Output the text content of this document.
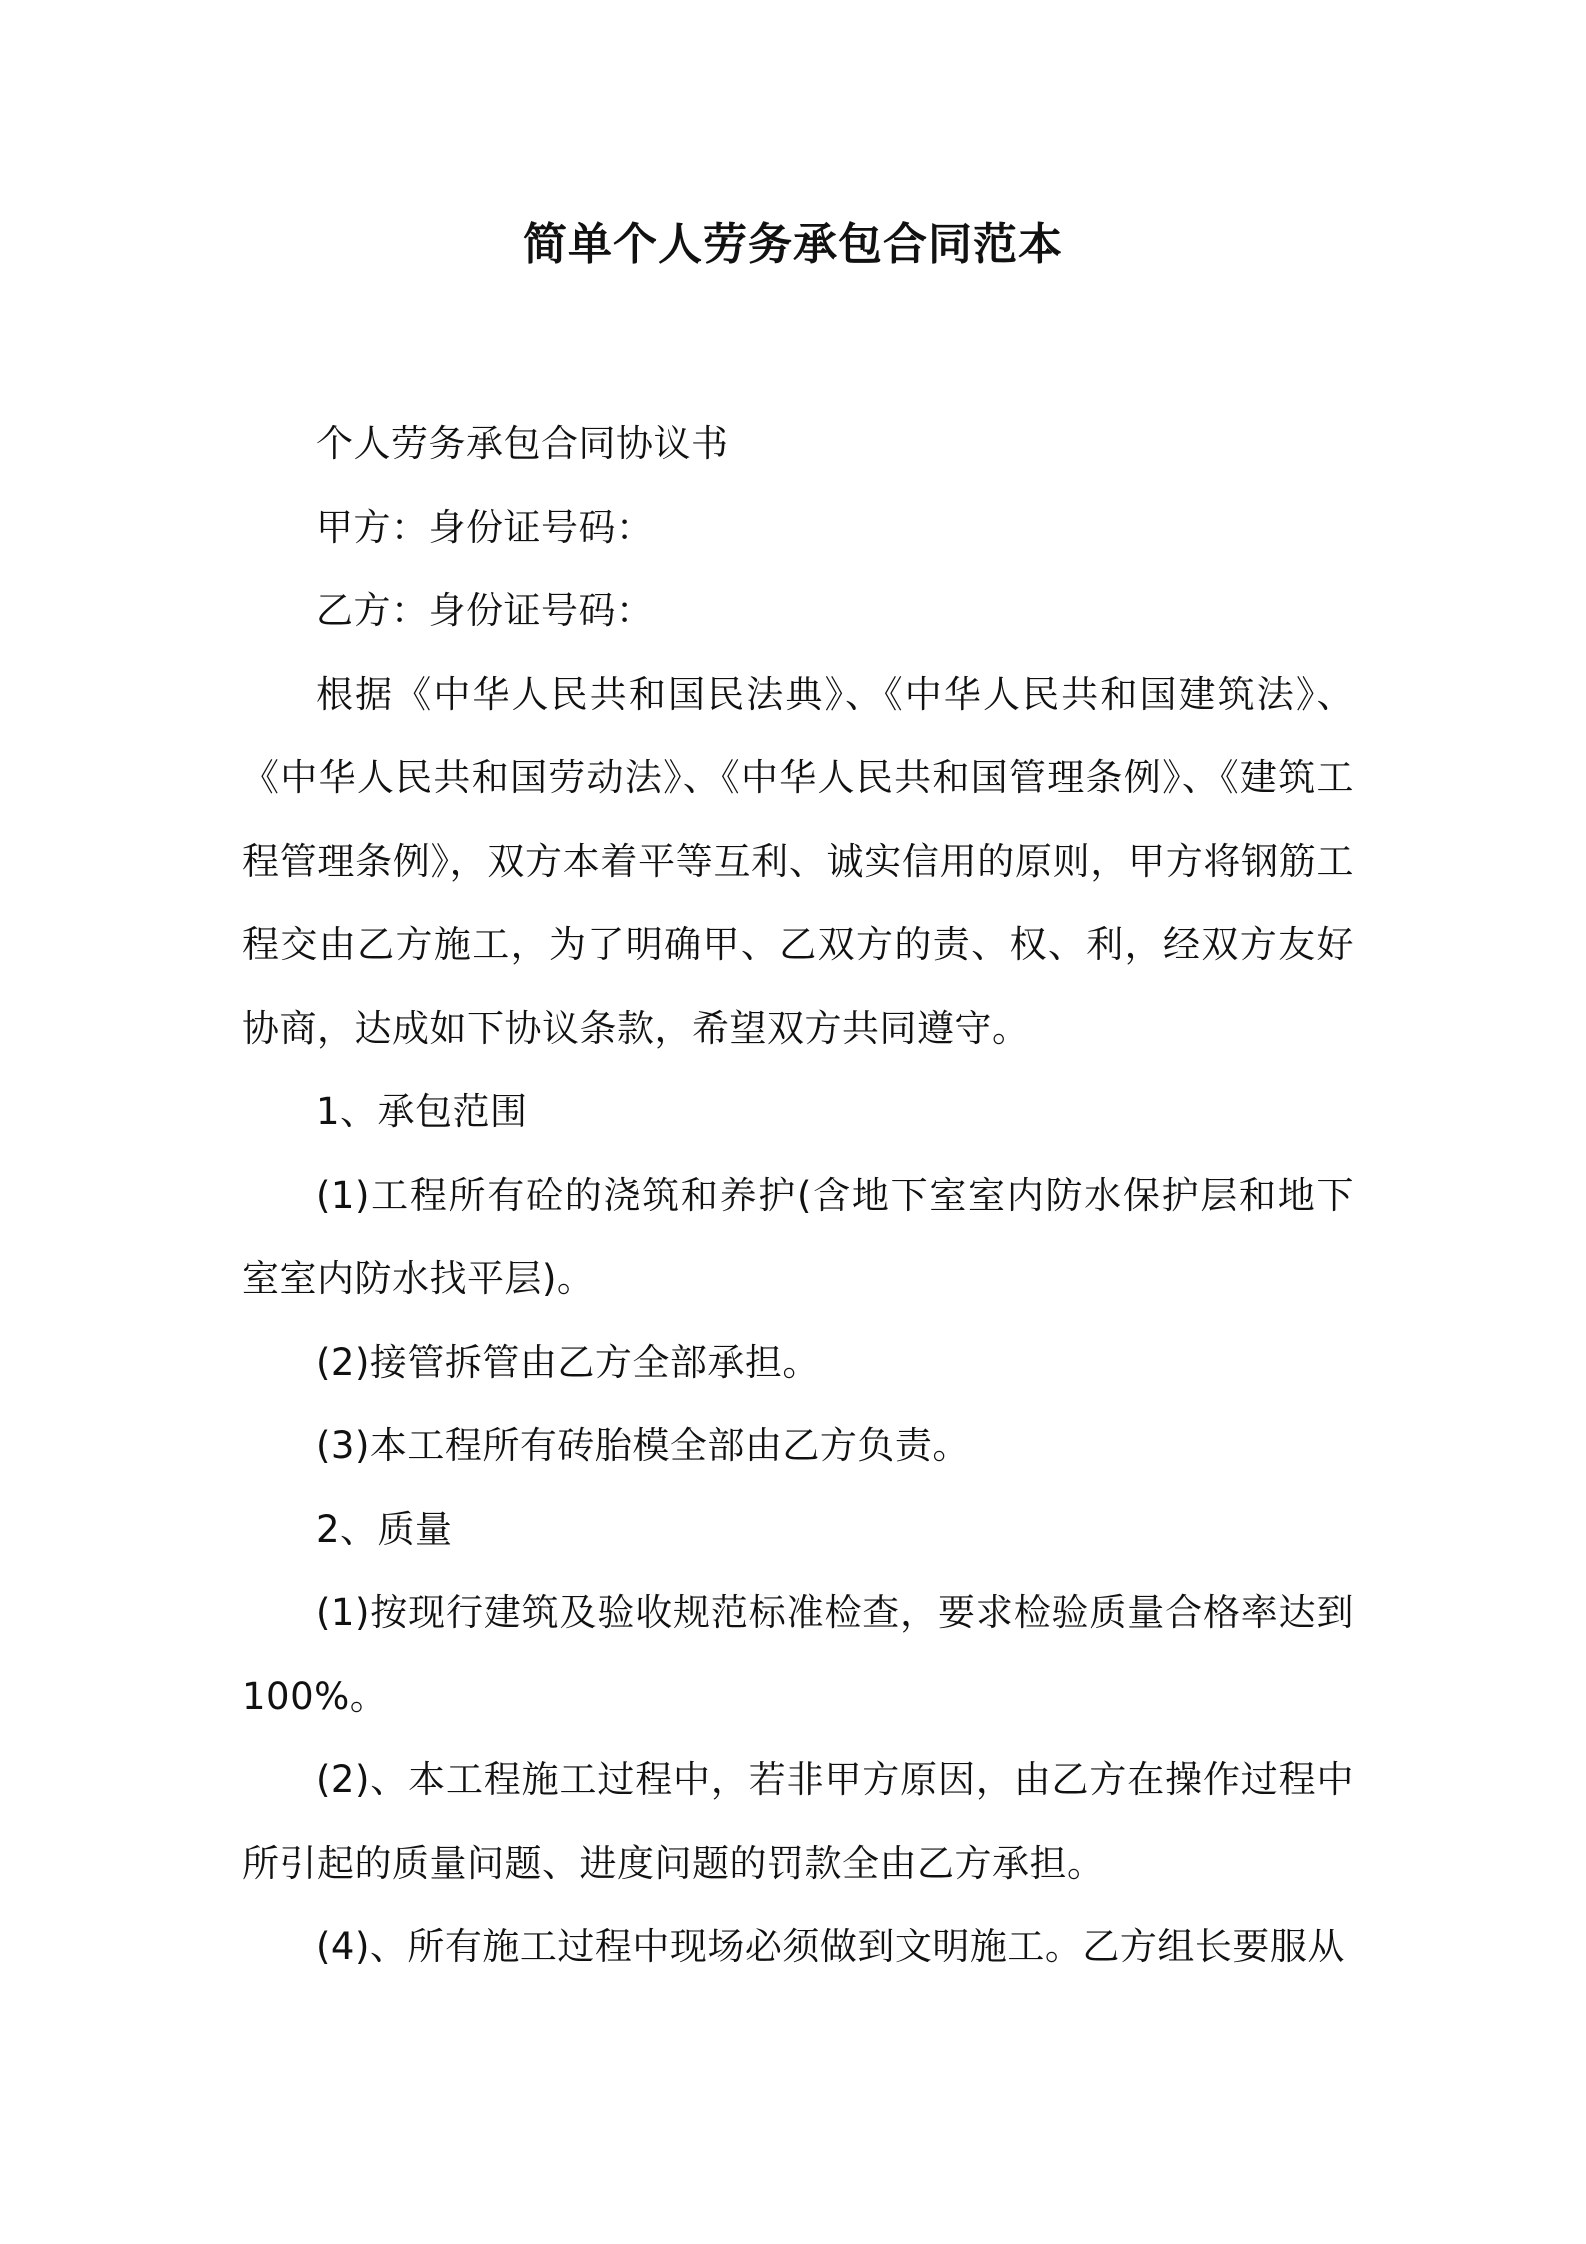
简单个人劳务承包合同范本

个人劳务承包合同协议书

甲方：身份证号码：

乙方：身份证号码：

根据《中华人民共和国民法典》、《中华人民共和国建筑法》、《中华人民共和国劳动法》、《中华人民共和国管理条例》、《建筑工程管理条例》，双方本着平等互利、诚实信用的原则，甲方将钢筋工程交由乙方施工，为了明确甲、乙双方的责、权、利，经双方友好协商，达成如下协议条款，希望双方共同遵守。

1、承包范围

(1)工程所有砼的浇筑和养护(含地下室室内防水保护层和地下室室内防水找平层)。

(2)接管拆管由乙方全部承担。

(3)本工程所有砖胎模全部由乙方负责。

2、质量

(1)按现行建筑及验收规范标准检查，要求检验质量合格率达到100%。

(2)、本工程施工过程中，若非甲方原因，由乙方在操作过程中所引起的质量问题、进度问题的罚款全由乙方承担。

(4)、所有施工过程中现场必须做到文明施工。乙方组长要服从
